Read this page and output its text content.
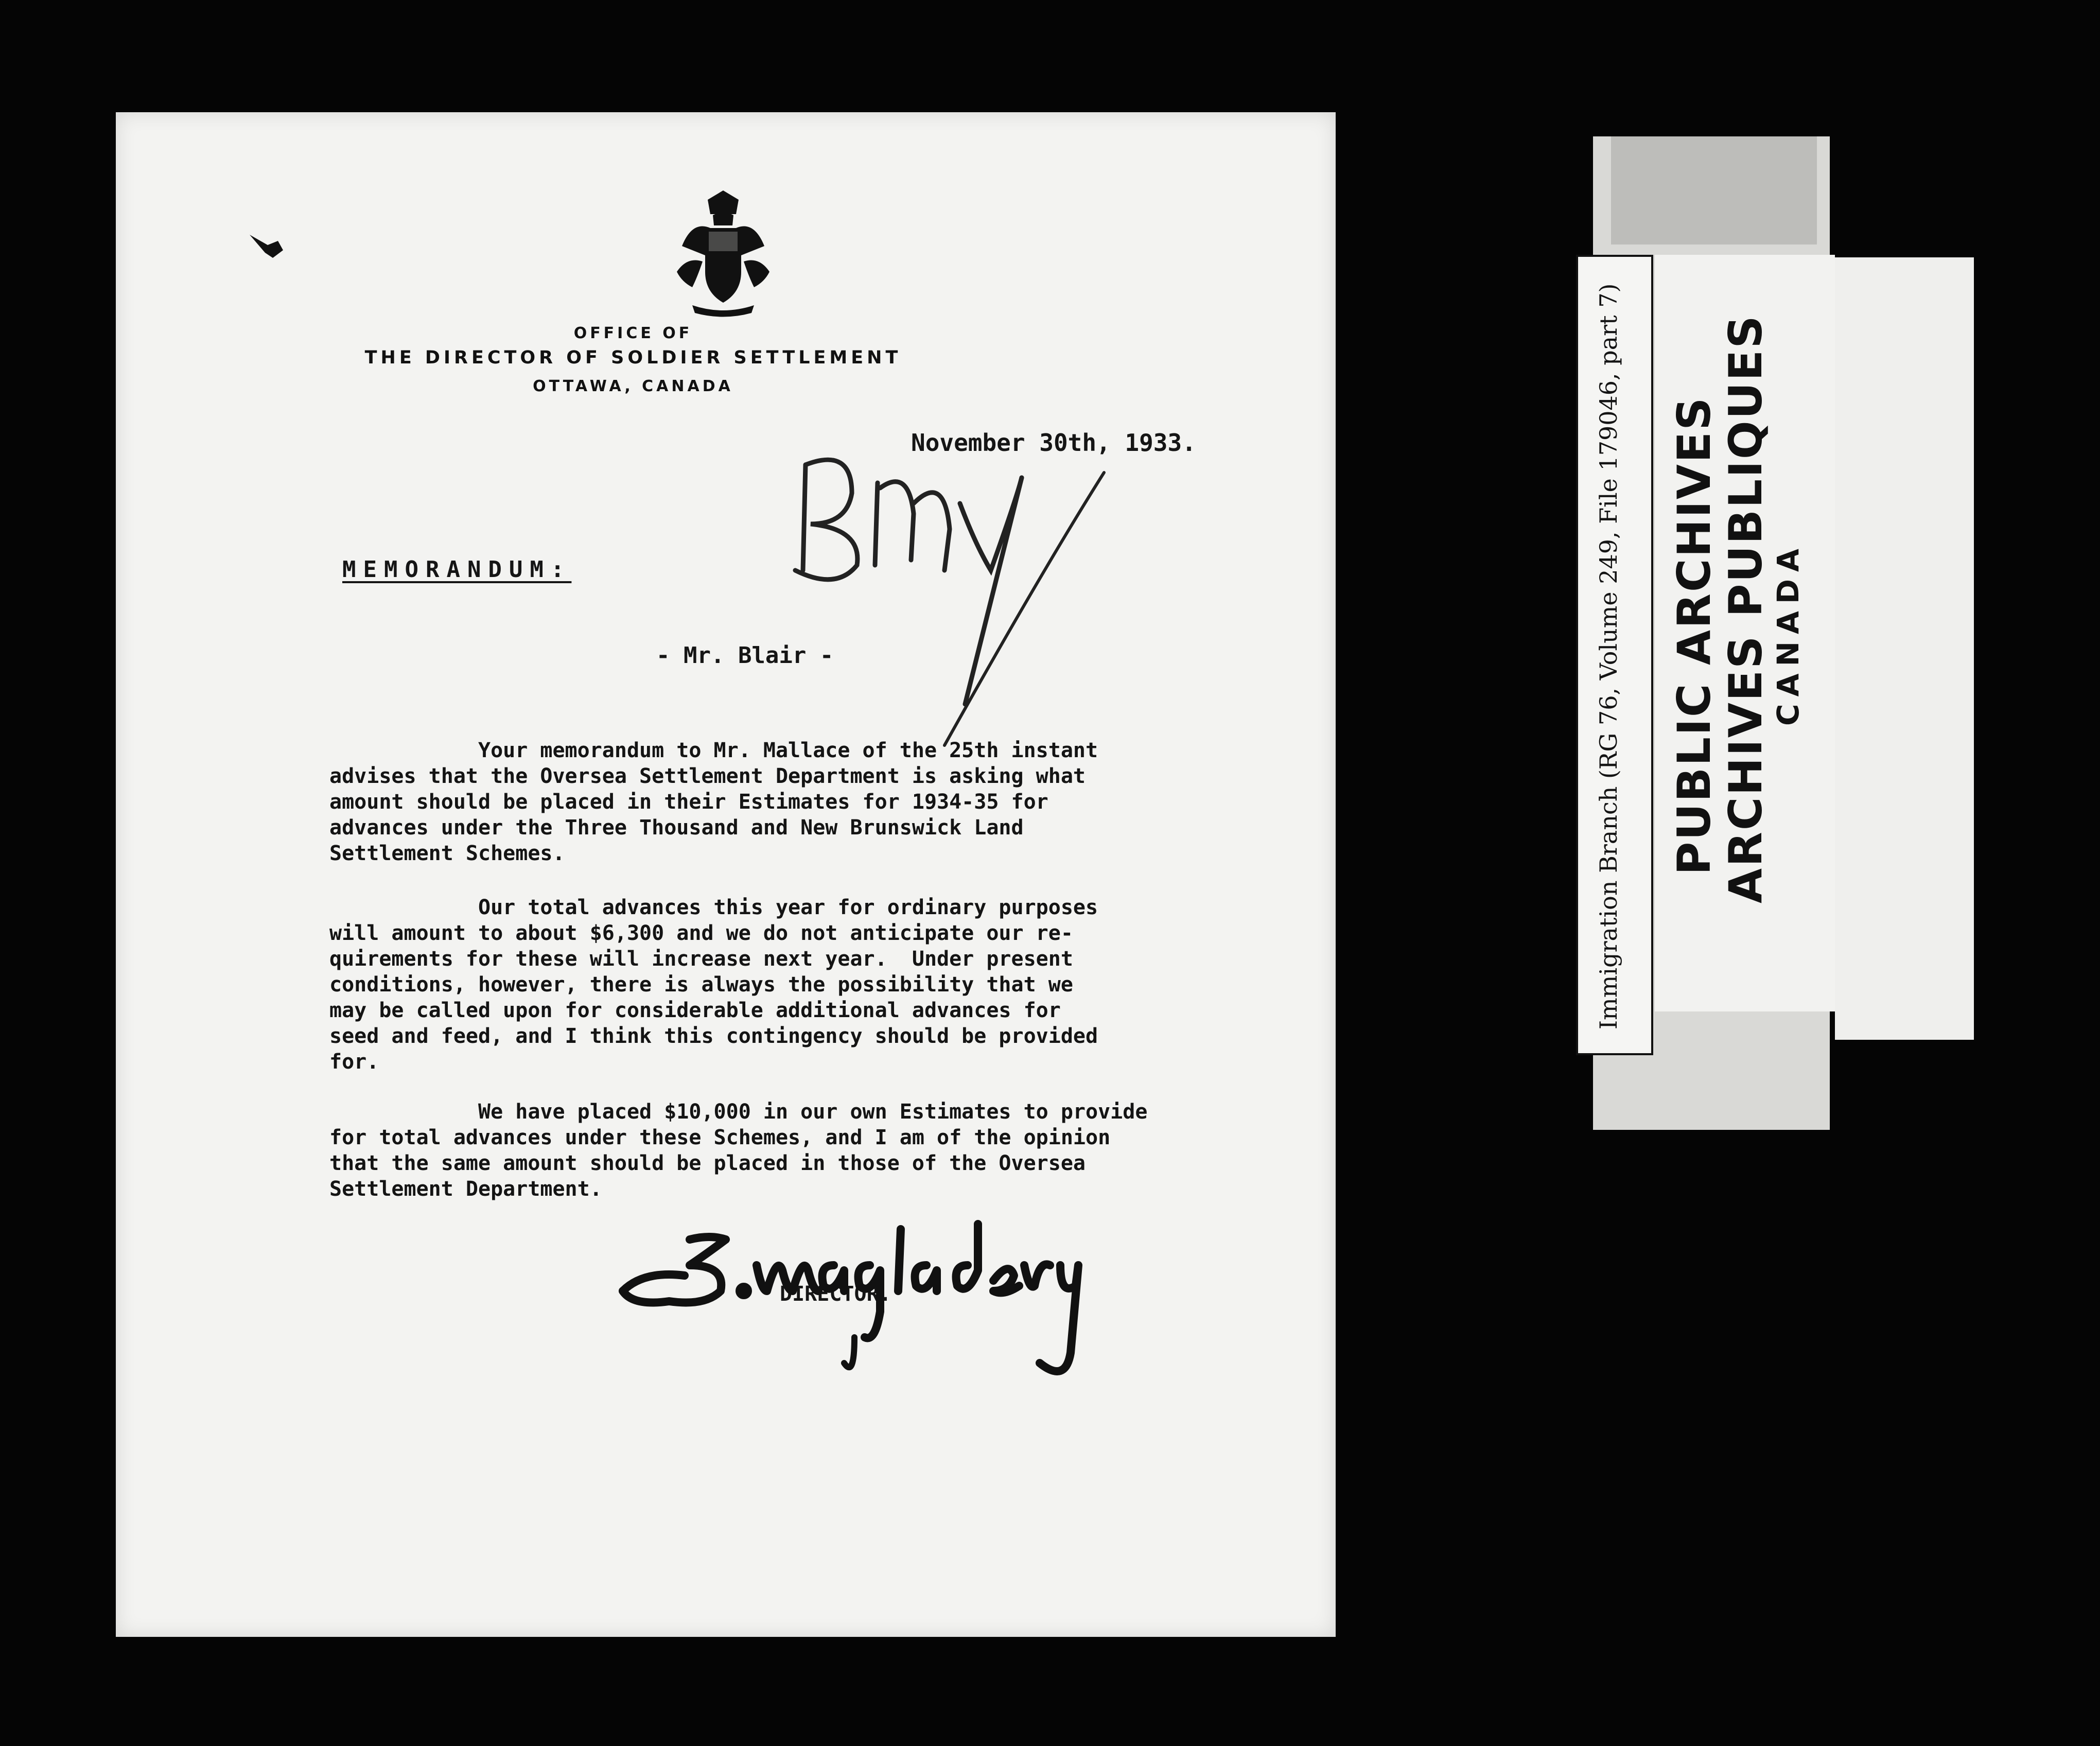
OFFICE OF
THE DIRECTOR OF SOLDIER SETTLEMENT
OTTAWA, CANADA
November 30th, 1933.
MEMORANDUM:
- Mr. Blair -
Your memorandum to Mr. Mallace of the 25th instant
advises that the Oversea Settlement Department is asking what
amount should be placed in their Estimates for 1934-35 for
advances under the Three Thousand and New Brunswick Land
Settlement Schemes.
Our total advances this year for ordinary purposes
will amount to about $6,300 and we do not anticipate our re-
quirements for these will increase next year.  Under present
conditions, however, there is always the possibility that we
may be called upon for considerable additional advances for
seed and feed, and I think this contingency should be provided
for.
We have placed $10,000 in our own Estimates to provide
for total advances under these Schemes, and I am of the opinion
that the same amount should be placed in those of the Oversea
Settlement Department.
DIRECTOR.
Immigration Branch (RG 76, Volume 249, File 179046, part 7) PUBLIC ARCHIVES
ARCHIVES PUBLIQUES
CANADA
